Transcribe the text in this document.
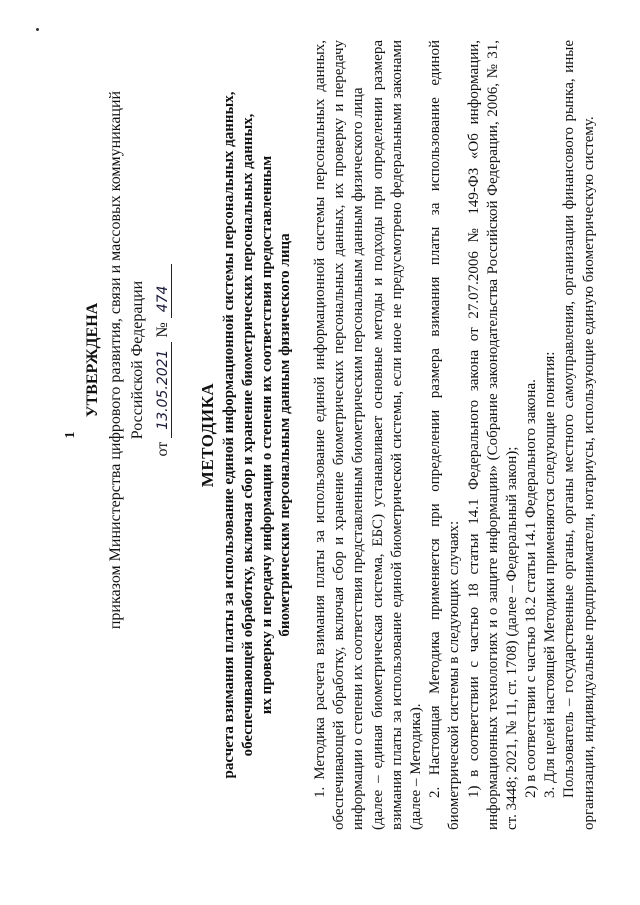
1
УТВЕРЖДЕНА приказом Министерства цифрового развития, связи и массовых коммуникаций Российской Федерации
от 13.05.2021 № 474
МЕТОДИКА расчета взимания платы за использование единой информационной системы персональных данных, обеспечивающей обработку, включая сбор и хранение биометрических персональных данных, их проверку и передачу информации о степени их соответствия предоставленным биометрическим персональным данным физического лица 1. Методика расчета взимания платы за использование единой информационной системы персональных данных, обеспечивающей обработку, включая сбор и хранение биометрических персональных данных, их проверку и передачу информации о степени их соответствия представленным биометрическим персональным данным физического лица (далее – единая биометрическая система, ЕБС) устанавливает основные методы и подходы при определении размера взимания платы за использование единой биометрической системы, если иное не предусмотрено федеральными законами (далее – Методика). 2. Настоящая Методика применяется при определении размера взимания платы за использование единой биометрической системы в следующих случаях: 1) в соответствии с частью 18 статьи 14.1 Федерального закона от 27.07.2006 № 149-ФЗ «Об информации, информационных технологиях и о защите информации» (Собрание законодательства Российской Федерации, 2006, № 31, ст. 3448; 2021, № 11, ст. 1708) (далее – Федеральный закон); 2) в соответствии с частью 18.2 статьи 14.1 Федерального закона. 3. Для целей настоящей Методики применяются следующие понятия: Пользователь – государственные органы, органы местного самоуправления, организации финансового рынка, иные организации, индивидуальные предприниматели, нотариусы, использующие единую биометрическую систему.
